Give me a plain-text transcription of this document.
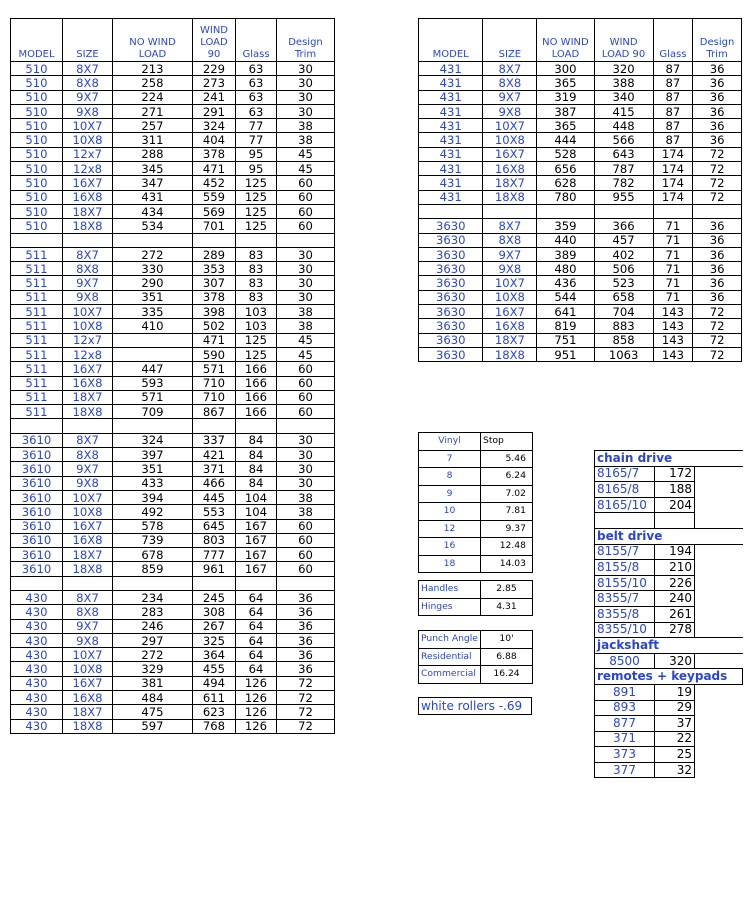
MODEL	SIZE	NO WIND LOAD	WIND LOAD 90	Glass	Design Trim
510	8X7	213	229	63	30
510	8X8	258	273	63	30
510	9X7	224	241	63	30
510	9X8	271	291	63	30
510	10X7	257	324	77	38
510	10X8	311	404	77	38
510	12x7	288	378	95	45
510	12x8	345	471	95	45
510	16X7	347	452	125	60
510	16X8	431	559	125	60
510	18X7	434	569	125	60
510	18X8	534	701	125	60

511	8X7	272	289	83	30
511	8X8	330	353	83	30
511	9X7	290	307	83	30
511	9X8	351	378	83	30
511	10X7	335	398	103	38
511	10X8	410	502	103	38
511	12x7		471	125	45
511	12x8		590	125	45
511	16X7	447	571	166	60
511	16X8	593	710	166	60
511	18X7	571	710	166	60
511	18X8	709	867	166	60

3610	8X7	324	337	84	30
3610	8X8	397	421	84	30
3610	9X7	351	371	84	30
3610	9X8	433	466	84	30
3610	10X7	394	445	104	38
3610	10X8	492	553	104	38
3610	16X7	578	645	167	60
3610	16X8	739	803	167	60
3610	18X7	678	777	167	60
3610	18X8	859	961	167	60

430	8X7	234	245	64	36
430	8X8	283	308	64	36
430	9X7	246	267	64	36
430	9X8	297	325	64	36
430	10X7	272	364	64	36
430	10X8	329	455	64	36
430	16X7	381	494	126	72
430	16X8	484	611	126	72
430	18X7	475	623	126	72
430	18X8	597	768	126	72
MODEL	SIZE	NO WIND LOAD	WIND LOAD 90	Glass	Design Trim
431	8X7	300	320	87	36
431	8X8	365	388	87	36
431	9X7	319	340	87	36
431	9X8	387	415	87	36
431	10X7	365	448	87	36
431	10X8	444	566	87	36
431	16X7	528	643	174	72
431	16X8	656	787	174	72
431	18X7	628	782	174	72
431	18X8	780	955	174	72

3630	8X7	359	366	71	36
3630	8X8	440	457	71	36
3630	9X7	389	402	71	36
3630	9X8	480	506	71	36
3630	10X7	436	523	71	36
3630	10X8	544	658	71	36
3630	16X7	641	704	143	72
3630	16X8	819	883	143	72
3630	18X7	751	858	143	72
3630	18X8	951	1063	143	72
Vinyl	Stop
7	5.46
8	6.24
9	7.02
10	7.81
12	9.37
16	12.48
18	14.03
Handles	2.85
Hinges	4.31
Punch Angle	10'
Residential	6.88
Commercial	16.24
white rollers -.69
chain drive		
8165/7	172	
8165/8	188	
8165/10	204	

belt drive		
8155/7	194	
8155/8	210	
8155/10	226	
8355/7	240	
8355/8	261	
8355/10	278	
jackshaft		
8500	320	
remotes + keypads		
891	19	
893	29	
877	37	
371	22	
373	25	
377	32	
